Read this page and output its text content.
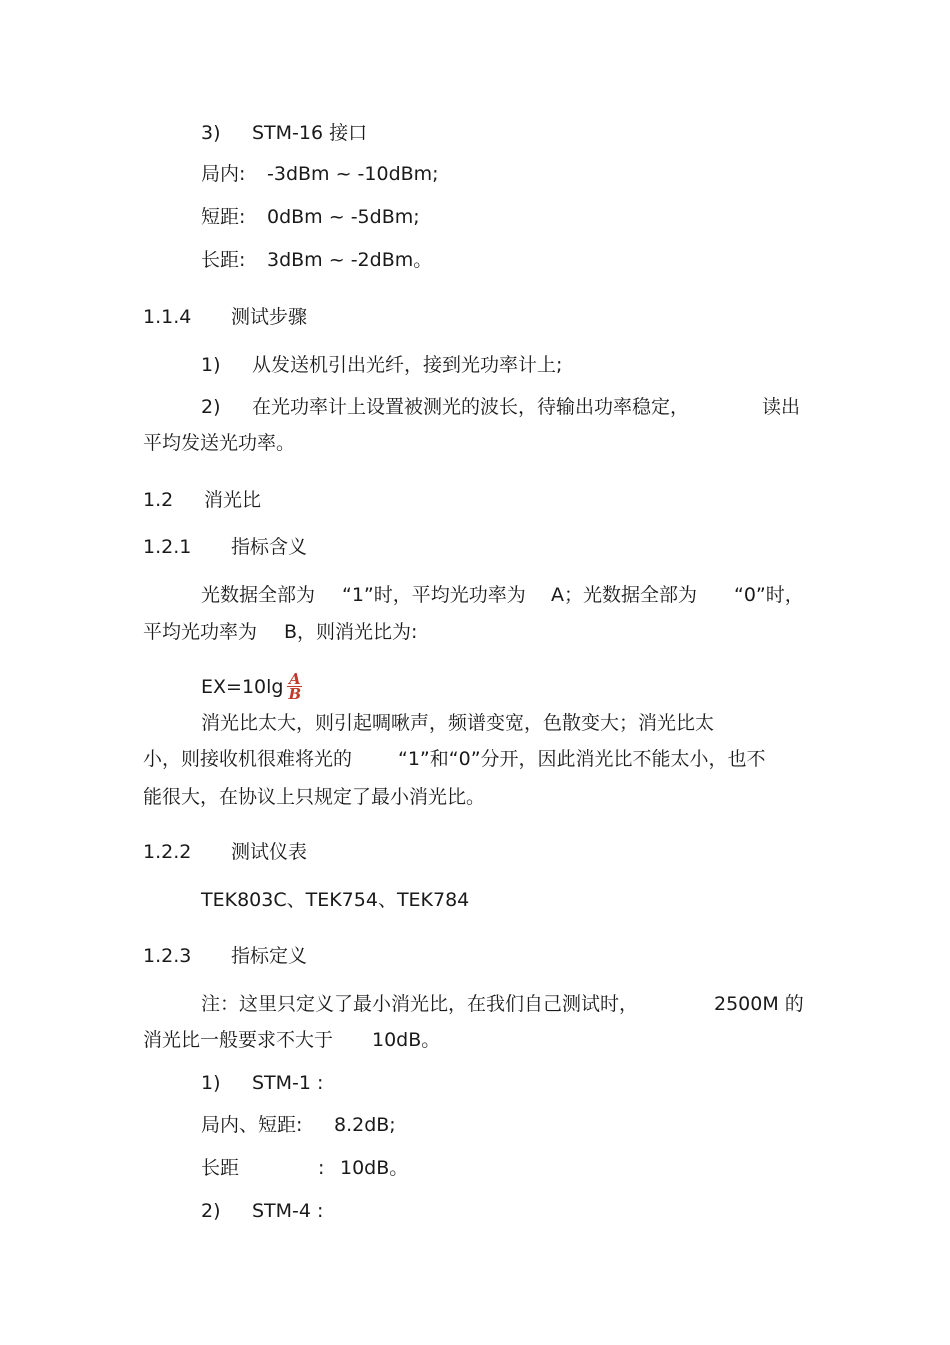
3) STM-16 接口
局内: -3dBm ~ -10dBm;
短距: 0dBm ~ -5dBm;
长距: 3dBm ~ -2dBm。
1.1.4 测试步骤
1) 从发送机引出光纤，接到光功率计上;
2) 在光功率计上设置被测光的波长，待输出功率稳定，	读出
平均发送光功率。
1.2 消光比
1.2.1 指标含义
光数据全部为 “1”时，平均光功率为 A；光数据全部为 “0”时，
平均光功率为 B，则消光比为:
$EX=10\lg \frac{A}{B}$
消光比太大，则引起啁啾声，频谱变宽，色散变大；消光比太
小，则接收机很难将光的 “1”和“0”分开，因此消光比不能太小，也不
能很大，在协议上只规定了最小消光比。
1.2.2 测试仪表
TEK803C、TEK754、TEK784
1.2.3 指标定义
注：这里只定义了最小消光比，在我们自己测试时，	2500M 的
消光比一般要求不大于 10dB。
1) STM-1 :
局内、短距: 8.2dB;
长距	: 10dB。
2) STM-4 :
